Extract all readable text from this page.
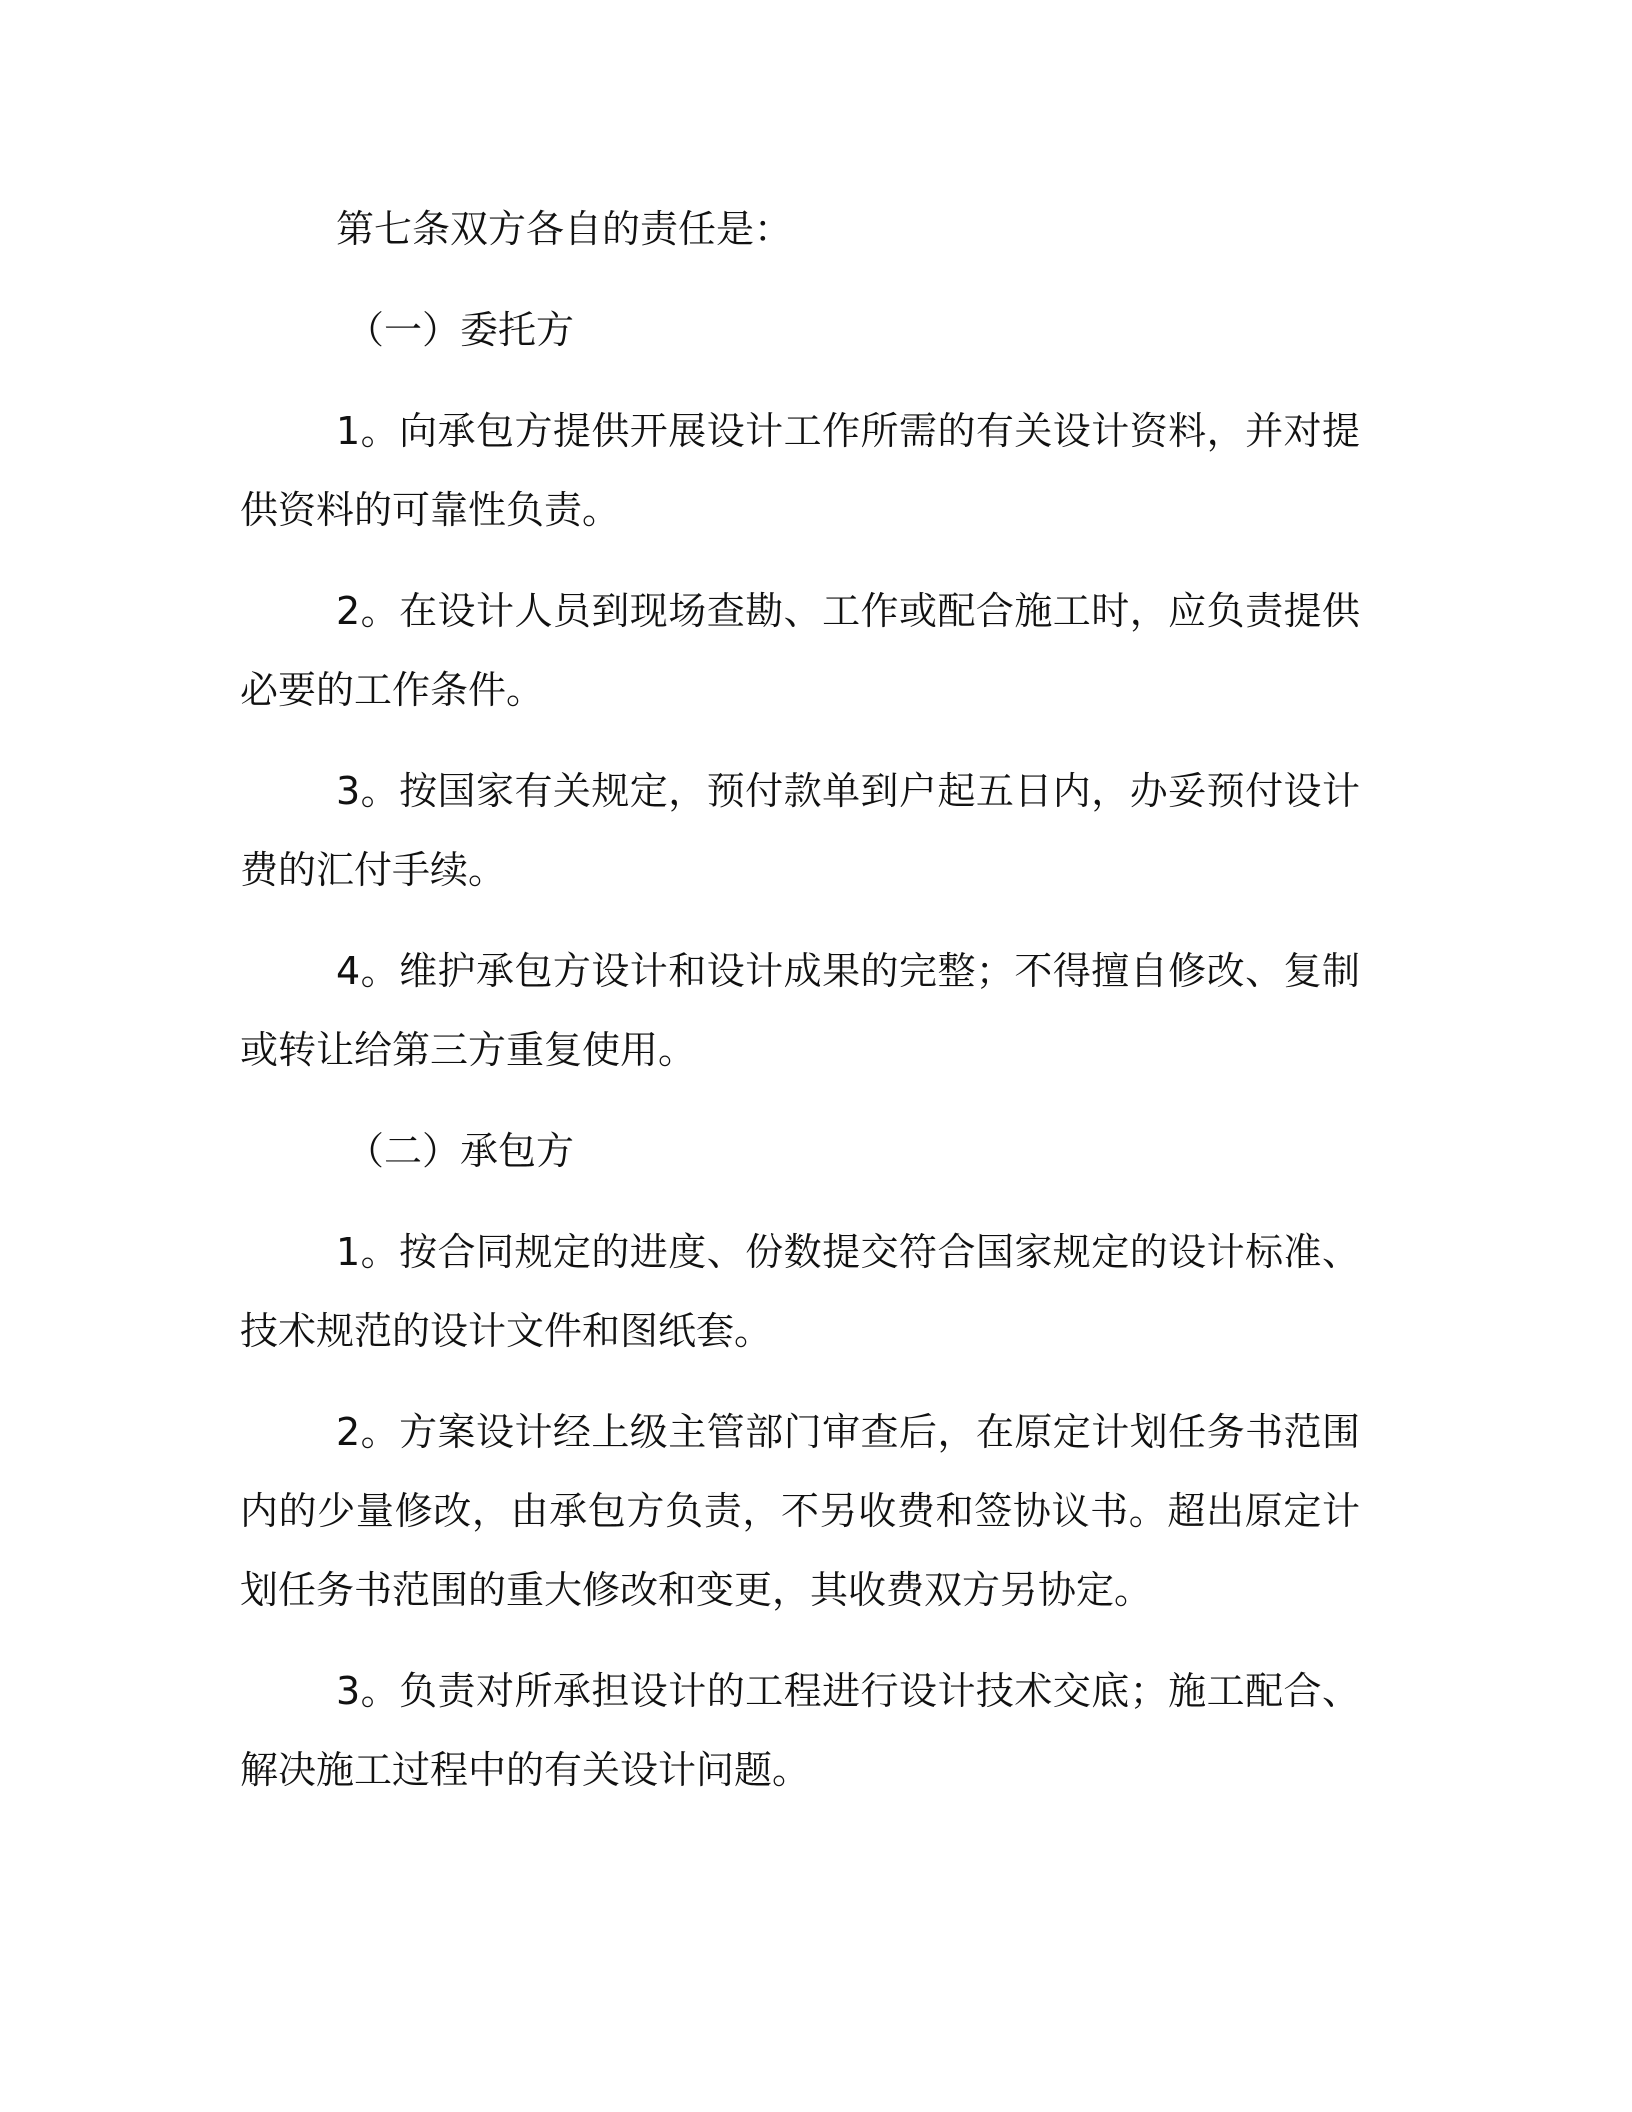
第七条双方各自的责任是：

（一）委托方

1。向承包方提供开展设计工作所需的有关设计资料，并对提供资料的可靠性负责。

2。在设计人员到现场查勘、工作或配合施工时，应负责提供必要的工作条件。

3。按国家有关规定，预付款单到户起五日内，办妥预付设计费的汇付手续。

4。维护承包方设计和设计成果的完整；不得擅自修改、复制或转让给第三方重复使用。

（二）承包方

1。按合同规定的进度、份数提交符合国家规定的设计标准、技术规范的设计文件和图纸套。

2。方案设计经上级主管部门审查后，在原定计划任务书范围内的少量修改，由承包方负责，不另收费和签协议书。超出原定计划任务书范围的重大修改和变更，其收费双方另协定。

3。负责对所承担设计的工程进行设计技术交底；施工配合、解决施工过程中的有关设计问题。
